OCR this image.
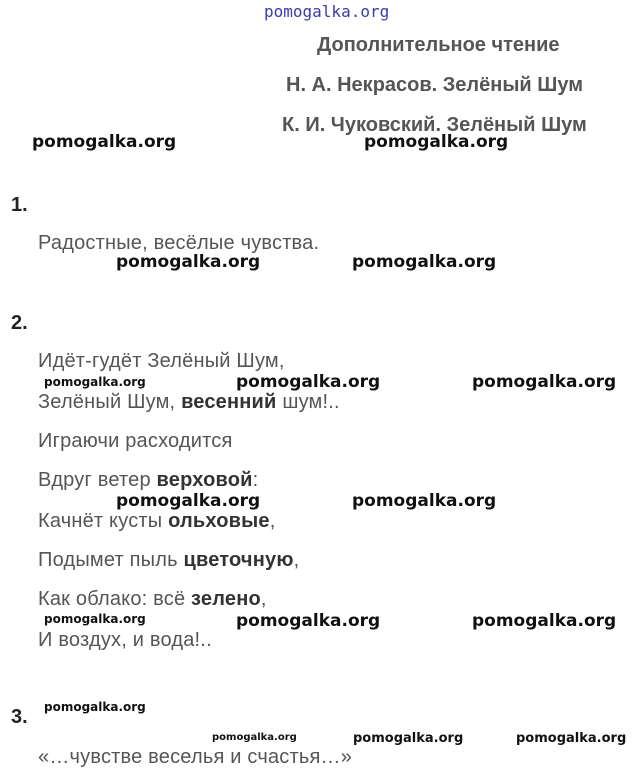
pomogalka.org
Дополнительное чтение
Н. А. Некрасов. Зелёный Шум
К. И. Чуковский. Зелёный Шум
pomogalka.org	pomogalka.org
1.
Радостные, весёлые чувства.
pomogalka.org	pomogalka.org
2.
Идёт-гудёт Зелёный Шум,
pomogalka.org	pomogalka.org	pomogalka.org
Зелёный Шум, весенний шум!..
Играючи расходится
Вдруг ветер верховой:
pomogalka.org	pomogalka.org
Качнёт кусты ольховые,
Подымет пыль цветочную,
Как облако: всё зелено,
pomogalka.org	pomogalka.org	pomogalka.org
И воздух, и вода!..
pomogalka.org
3.
pomogalka.org	pomogalka.org	pomogalka.org
«…чувстве веселья и счастья…»
